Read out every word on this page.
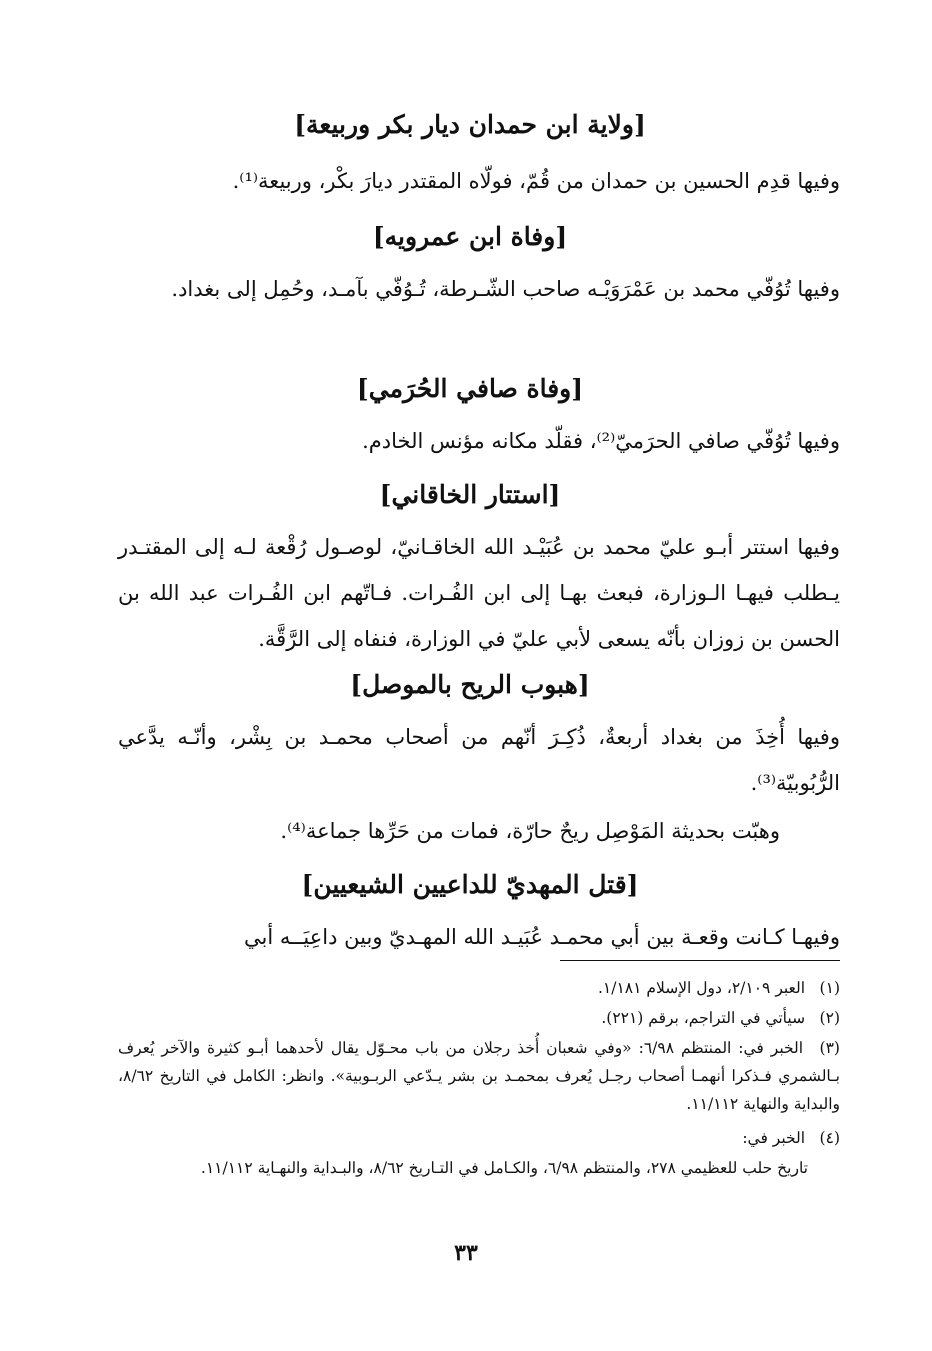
[ولاية ابن حمدان ديار بكر وربيعة]
وفيها قدِم الحسين بن حمدان من قُمّ، فولّاه المقتدر ديارَ بكْر، وربيعة⁽¹⁾.
[وفاة ابن عمرويه]
وفيها تُوُفّي محمد بن عَمْرَوَيْـه صاحب الشّـرطة، تُـوُفّي بآمـد، وحُمِل إلى بغداد.
[وفاة صافي الحُرَمي]
وفيها تُوُفّي صافي الحرَميّ⁽²⁾، فقلّد مكانه مؤنس الخادم.
[استتار الخاقاني]
وفيها استتر أبـو عليّ محمد بن عُبَيْـد الله الخاقـانيّ، لوصـول رُقْعة لـه إلى المقتـدر يـطلب فيهـا الـوزارة، فبعث بهـا إلى ابن الفُـرات. فـاتّهم ابن الفُـرات عبد الله بن الحسن بن زوزان بأنّه يسعى لأبي عليّ في الوزارة، فنفاه إلى الرَّقَّة.
[هبوب الريح بالموصل]
وفيها أُخِذَ من بغداد أربعةٌ، ذُكِـرَ أنّهم من أصحاب محمـد بن بِشْر، وأنّـه يدَّعي الرُّبُوبيّة⁽³⁾.
وهبّت بحديثة المَوْصِل ريحٌ حارّة، فمات من حَرِّها جماعة⁽⁴⁾.
[قتل المهديّ للداعيين الشيعيين]
وفيهـا كـانت وقعـة بين أبي محمـد عُبَيـد الله المهـديّ وبين داعِيَــه أبي
(١) العبر ٢/١٠٩، دول الإسلام ١/١٨١.
(٢) سيأتي في التراجم، برقم (٢٢١).
(٣) الخبر في: المنتظم ٦/٩٨: «وفي شعبان أُخذ رجلان من باب محـوّل يقال لأحدهما أبـو كثيرة والآخر يُعرف بـالشمري فـذكرا أنهمـا أصحاب رجـل يُعرف بمحمـد بن بشر يـدّعي الربـوبية». وانظر: الكامل في التاريخ ٨/٦٢، والبداية والنهاية ١١/١١٢.
(٤) الخبر في:
تاريخ حلب للعظيمي ٢٧٨، والمنتظم ٦/٩٨، والكـامل في التـاريخ ٨/٦٢، والبـداية والنهـاية ١١/١١٢.
٣٣
